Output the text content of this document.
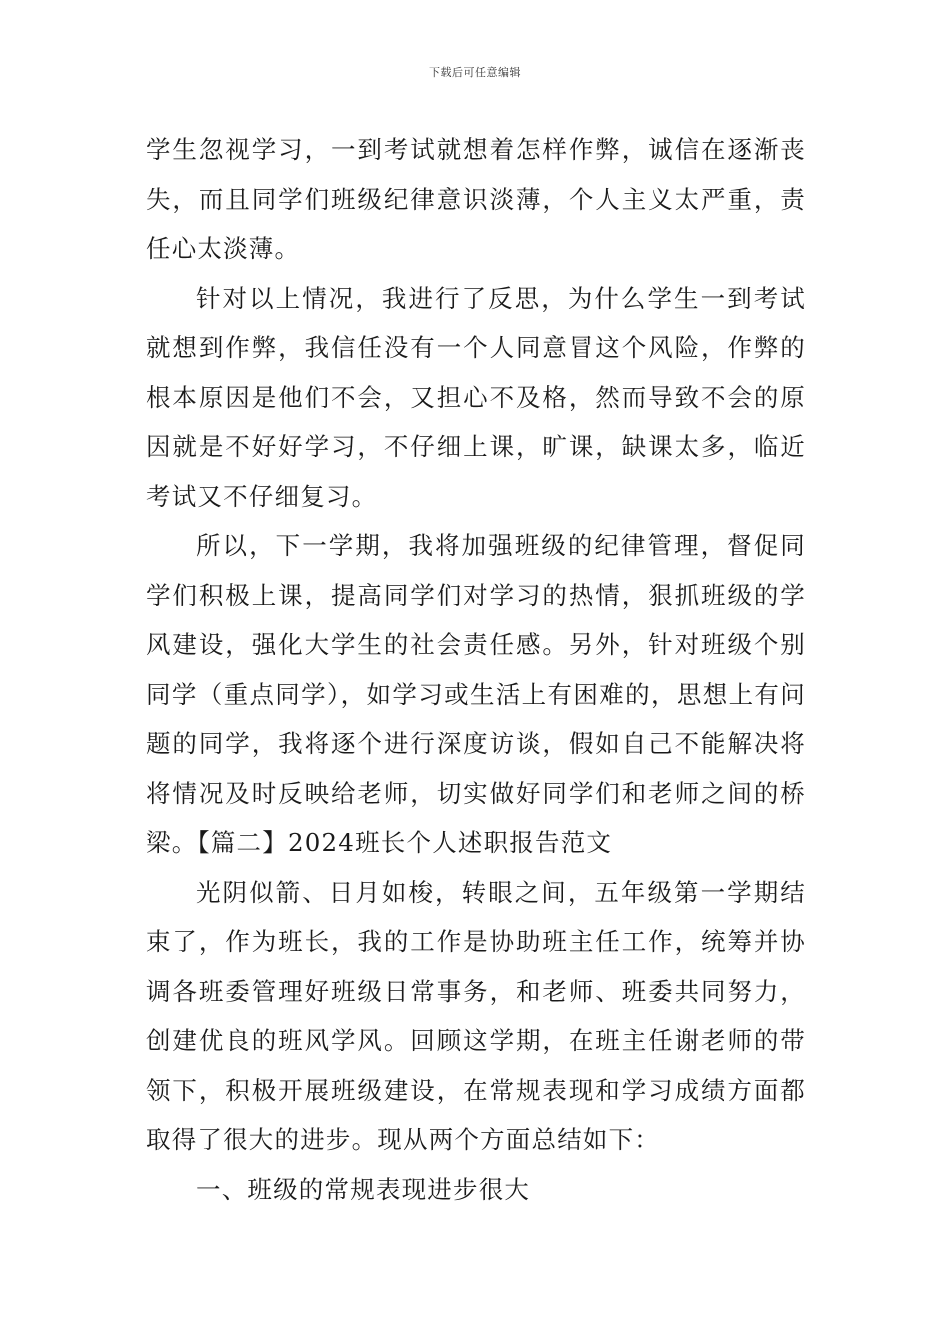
下载后可任意编辑

学生忽视学习，一到考试就想着怎样作弊，诚信在逐渐丧失，而且同学们班级纪律意识淡薄，个人主义太严重，责任心太淡薄。

针对以上情况，我进行了反思，为什么学生一到考试就想到作弊，我信任没有一个人同意冒这个风险，作弊的根本原因是他们不会，又担心不及格，然而导致不会的原因就是不好好学习，不仔细上课，旷课，缺课太多，临近考试又不仔细复习。

所以，下一学期，我将加强班级的纪律管理，督促同学们积极上课，提高同学们对学习的热情，狠抓班级的学风建设，强化大学生的社会责任感。另外，针对班级个别同学（重点同学），如学习或生活上有困难的，思想上有问题的同学，我将逐个进行深度访谈，假如自己不能解决将将情况及时反映给老师，切实做好同学们和老师之间的桥梁。【篇二】2024班长个人述职报告范文

光阴似箭、日月如梭，转眼之间，五年级第一学期结束了，作为班长，我的工作是协助班主任工作，统筹并协调各班委管理好班级日常事务，和老师、班委共同努力，创建优良的班风学风。回顾这学期，在班主任谢老师的带领下，积极开展班级建设，在常规表现和学习成绩方面都取得了很大的进步。现从两个方面总结如下：

一、班级的常规表现进步很大
